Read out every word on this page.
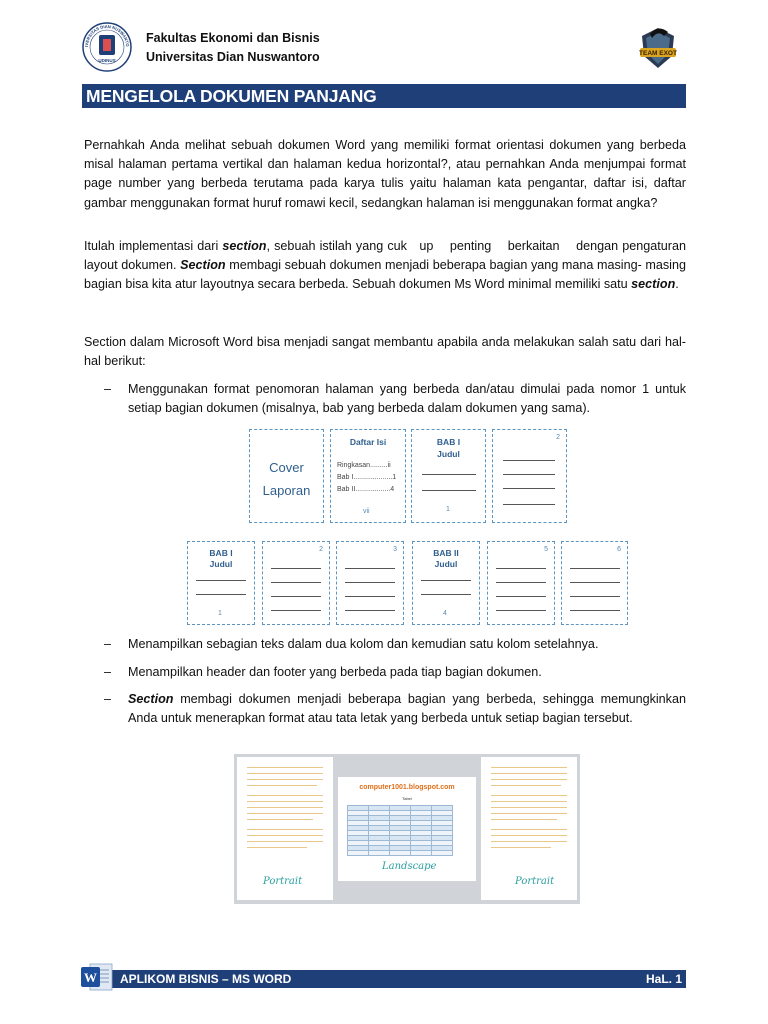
IVERSITAS DIAN NUSWANTO
UDINUS
Fakultas Ekonomi dan Bisnis
Universitas Dian Nuswantoro	TEAM EXOT
MENGELOLA DOKUMEN PANJANG
Pernahkah Anda melihat sebuah dokumen Word yang memiliki format orientasi dokumen yang berbeda misal halaman pertama vertikal dan halaman kedua horizontal?, atau pernahkan Anda menjumpai format page number yang berbeda terutama pada karya tulis yaitu halaman kata pengantar, daftar isi, daftar gambar menggunakan format huruf romawi kecil, sedangkan halaman isi menggunakan format angka?
Itulah implementasi dari section, sebuah istilah yang cuk   up    penting    berkaitan    dengan pengaturan layout dokumen. Section membagi sebuah dokumen menjadi beberapa bagian yang mana masing- masing bagian bisa kita atur layoutnya secara berbeda. Sebuah dokumen Ms Word minimal memiliki satu section.
Section dalam Microsoft Word bisa menjadi sangat membantu apabila anda melakukan salah satu dari hal-hal berikut:
– Menggunakan format penomoran halaman yang berbeda dan/atau dimulai pada nomor 1 untuk setiap bagian dokumen (misalnya, bab yang berbeda dalam dokumen yang sama).
Cover
Laporan
Daftar Isi
Ringkasan.........ii
Bab I....................1
Bab II..................4
vii
BAB I
Judul
1
2
BAB I
Judul
1
2	3	BAB II
Judul
4
5	6
– Menampilkan sebagian teks dalam dua kolom dan kemudian satu kolom setelahnya.
– Menampilkan header dan footer yang berbeda pada tiap bagian dokumen.
– Section membagi dokumen menjadi beberapa bagian yang berbeda, sehingga memungkinkan Anda untuk menerapkan format atau tata letak yang berbeda untuk setiap bagian tersebut.
Portrait
computer1001.blogspot.com
Tabel

Landscape
Portrait
APLIKOM BISNIS – MS WORD	HaL. 1
W
